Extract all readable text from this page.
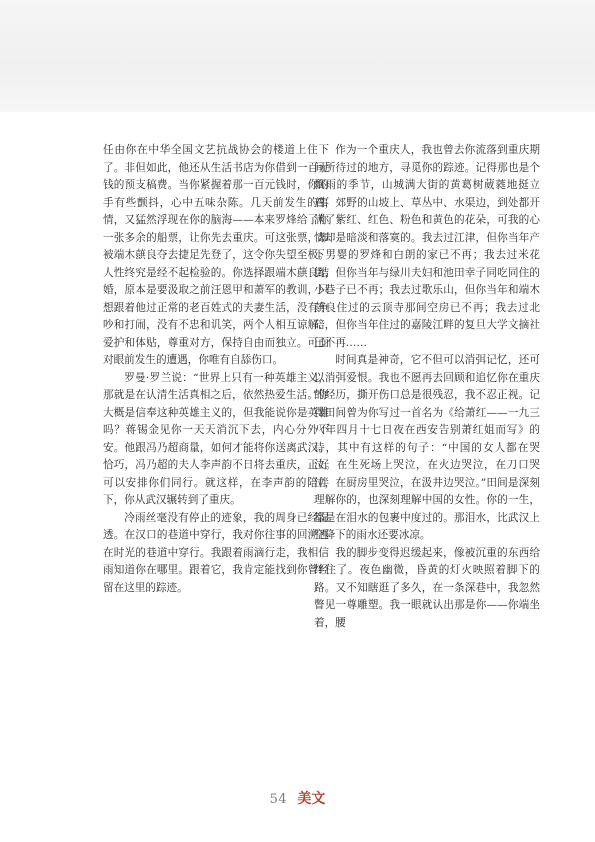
任由你在中华全国文艺抗战协会的楼道上住下了。非但如此，他还从生活书店为你借到一百元钱的预支稿费。当你紧握着那一百元钱时，你的手有些颤抖，心中五味杂陈。几天前发生的事情，又猛然浮现在你的脑海——本来罗烽给了你一张多余的船票，让你先去重庆。可这张票，却被端木蕻良夺去捷足先登了，这令你失望至极。人性终究是经不起检验的。你选择跟端木蕻良结婚，原本是要汲取之前汪恩甲和萧军的教训，只想跟着他过正常的老百姓式的夫妻生活，没有争吵和打闹，没有不忠和讥笑，两个人相互谅解、爱护和体贴，尊重对方，保持自由而独立。可面对眼前发生的遭遇，你唯有自舔伤口。

罗曼·罗兰说：“世界上只有一种英雄主义，那就是在认清生活真相之后，依然热爱生活。”你大概是信奉这种英雄主义的，但我能说你是英雄吗？蒋锡金见你一天天消沉下去，内心分外不安。他跟冯乃超商量，如何才能将你送离武汉。恰巧，冯乃超的夫人李声韵不日将去重庆，正好可以安排你们同行。就这样，在李声韵的陪伴下，你从武汉辗转到了重庆。

冷雨丝毫没有停止的迹象，我的周身已经湿透。在汉口的巷道中穿行，我对你往事的回溯也在时光的巷道中穿行。我跟着雨滴行走，我相信雨知道你在哪里。跟着它，我肯定能找到你曾经留在这里的踪迹。

作为一个重庆人，我也曾去你流落到重庆期间所待过的地方，寻觅你的踪迹。记得那也是个飘雨的季节，山城满大街的黄葛树葳蕤地挺立着，郊野的山坡上、草丛中、水渠边，到处都开满了紫红、红色、粉色和黄色的花朵，可我的心情却是暗淡和落寞的。我去过江津，但你当年产下男婴的罗烽和白朗的家已不再；我去过米花街，但你当年与绿川夫妇和池田幸子同吃同住的小巷子已不再；我去过歌乐山，但你当年和端木蕻良住过的云顶寺那间空房已不再；我去过北碚，但你当年住过的嘉陵江畔的复旦大学文摘社已不再……

时间真是神奇，它不但可以消弭记忆，还可以消弭爱恨。我也不愿再去回顾和追忆你在重庆的经历，撕开伤口总是很残忍，我不忍正视。记得田间曾为你写过一首名为《给萧红——一九三八年四月十七日夜在西安告别萧红姐而写》的诗，其中有这样的句子：“中国的女人都在哭泣。在生死场上哭泣，在火边哭泣，在刀口哭泣，在厨房里哭泣，在汲井边哭泣。”田间是深刻理解你的，也深刻理解中国的女性。你的一生，都是在泪水的包裹中度过的。那泪水，比武汉上空降下的雨水还要冰凉。

我的脚步变得迟缓起来，像被沉重的东西给绊住了。夜色幽微，昏黄的灯火映照着脚下的路。又不知瞎逛了多久，在一条深巷中，我忽然瞥见一尊雕塑。我一眼就认出那是你——你端坐着，腰

54 美文
